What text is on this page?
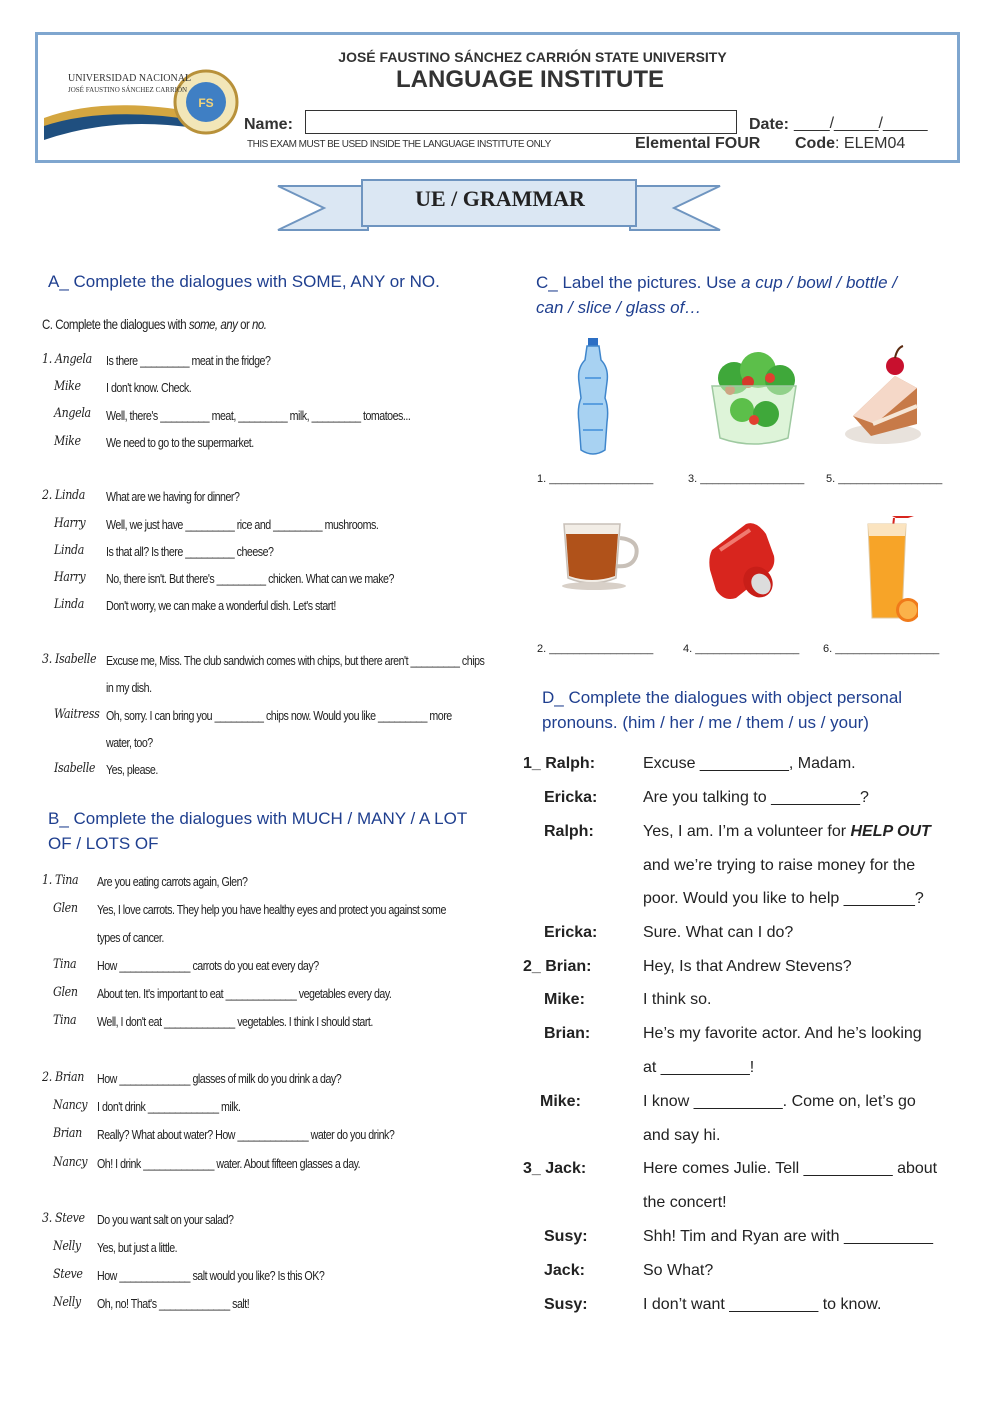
FS
UNIVERSIDAD NACIONAL
JOSÉ FAUSTINO SÁNCHEZ CARRIÓN
JOSÉ FAUSTINO SÁNCHEZ CARRIÓN STATE UNIVERSITY
LANGUAGE INSTITUTE
Name:	Date: ____/_____/_____
THIS EXAM MUST BE USED INSIDE THE LANGUAGE INSTITUTE ONLY	Elemental FOUR Code: ELEM04
UE / GRAMMAR
A_ Complete the dialogues with SOME, ANY or NO.
C. Complete the dialogues with some, any or no.
1. Angela Is there _________ meat in the fridge?
Mike I don't know. Check.
Angela Well, there's _________ meat, _________ milk, _________ tomatoes...
Mike We need to go to the supermarket.
2. Linda What are we having for dinner?
Harry Well, we just have _________ rice and _________ mushrooms.
Linda Is that all? Is there _________ cheese?
Harry No, there isn't. But there's _________ chicken. What can we make?
Linda Don't worry, we can make a wonderful dish. Let's start!
3. Isabelle Excuse me, Miss. The club sandwich comes with chips, but there aren't _________ chips
in my dish.
Waitress Oh, sorry. I can bring you _________ chips now. Would you like _________ more
water, too?
Isabelle Yes, please.
B_ Complete the dialogues with MUCH / MANY / A LOT
OF / LOTS OF
1. Tina Are you eating carrots again, Glen?
Glen Yes, I love carrots. They help you have healthy eyes and protect you against some
types of cancer.
Tina How _____________ carrots do you eat every day?
Glen About ten. It's important to eat _____________ vegetables every day.
Tina Well, I don't eat _____________ vegetables. I think I should start.
2. Brian How _____________ glasses of milk do you drink a day?
Nancy I don't drink _____________ milk.
Brian Really? What about water? How _____________ water do you drink?
Nancy Oh! I drink _____________ water. About fifteen glasses a day.
3. Steve Do you want salt on your salad?
Nelly Yes, but just a little.
Steve How _____________ salt would you like? Is this OK?
Nelly Oh, no! That's _____________ salt!
C_ Label the pictures. Use a cup / bowl / bottle /
can / slice / glass of…
1. _________________	3. _________________ 5. _________________
2. _________________	4. _________________ 6. _________________
D_ Complete the dialogues with object personal
pronouns. (him / her / me / them / us / your)
1_ Ralph:	Excuse __________, Madam.
Ericka:	Are you talking to __________?
Ralph:	Yes, I am. I’m a volunteer for HELP OUT
and we’re trying to raise money for the
poor. Would you like to help ________?
Ericka:	Sure. What can I do?
2_ Brian:	Hey, Is that Andrew Stevens?
Mike:	I think so.
Brian:	He’s my favorite actor. And he’s looking
at __________!
Mike:	I know __________. Come on, let’s go
and say hi.
3_ Jack:	Here comes Julie. Tell __________ about
the concert!
Susy:	Shh! Tim and Ryan are with __________
Jack:	So What?
Susy:	I don’t want __________ to know.
